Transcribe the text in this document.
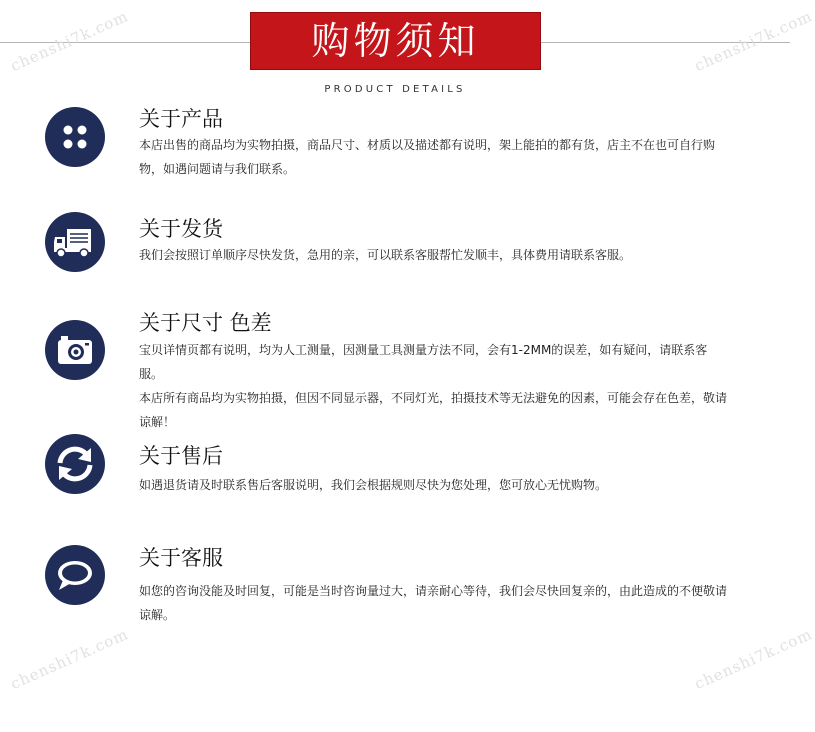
购物须知
PRODUCT DETAILS
chenshi7k.com	chenshi7k.com
chenshi7k.com
chenshi7k.com
关于产品

本店出售的商品均为实物拍摄，商品尺寸、材质以及描述都有说明，架上能拍的都有货，店主不在也可自行购物，如遇问题请与我们联系。

关于发货

我们会按照订单顺序尽快发货，急用的亲，可以联系客服帮忙发顺丰，具体费用请联系客服。

关于尺寸 色差

宝贝详情页都有说明，均为人工测量，因测量工具测量方法不同，会有1-2MM的误差，如有疑问，请联系客服。

本店所有商品均为实物拍摄，但因不同显示器，不同灯光，拍摄技术等无法避免的因素，可能会存在色差，敬请谅解！

关于售后

如遇退货请及时联系售后客服说明，我们会根据规则尽快为您处理，您可放心无忧购物。

关于客服

如您的咨询没能及时回复，可能是当时咨询量过大，请亲耐心等待，我们会尽快回复亲的，由此造成的不便敬请谅解。
